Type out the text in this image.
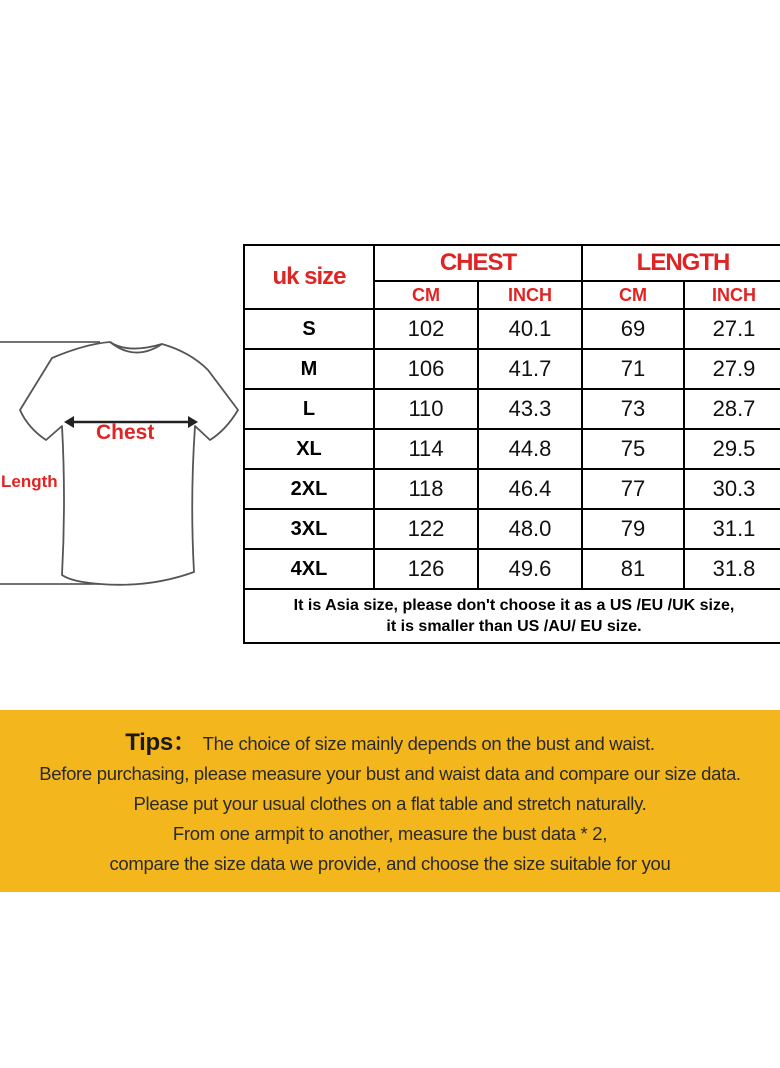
Chest
Length
uk size	CHEST		LENGTH	
	CM	INCH	CM	INCH
S	102	40.1	69	27.1
M	106	41.7	71	27.9
L	110	43.3	73	28.7
XL	114	44.8	75	29.5
2XL	118	46.4	77	30.3
3XL	122	48.0	79	31.1
4XL	126	49.6	81	31.8

It is Asia size, please don't choose it as a US /EU /UK size,
it is smaller than US /AU/ EU size.				
Tips： The choice of size mainly depends on the bust and waist.
Before purchasing, please measure your bust and waist data and compare our size data.
Please put your usual clothes on a flat table and stretch naturally.
From one armpit to another, measure the bust data * 2,
compare the size data we provide, and choose the size suitable for you
